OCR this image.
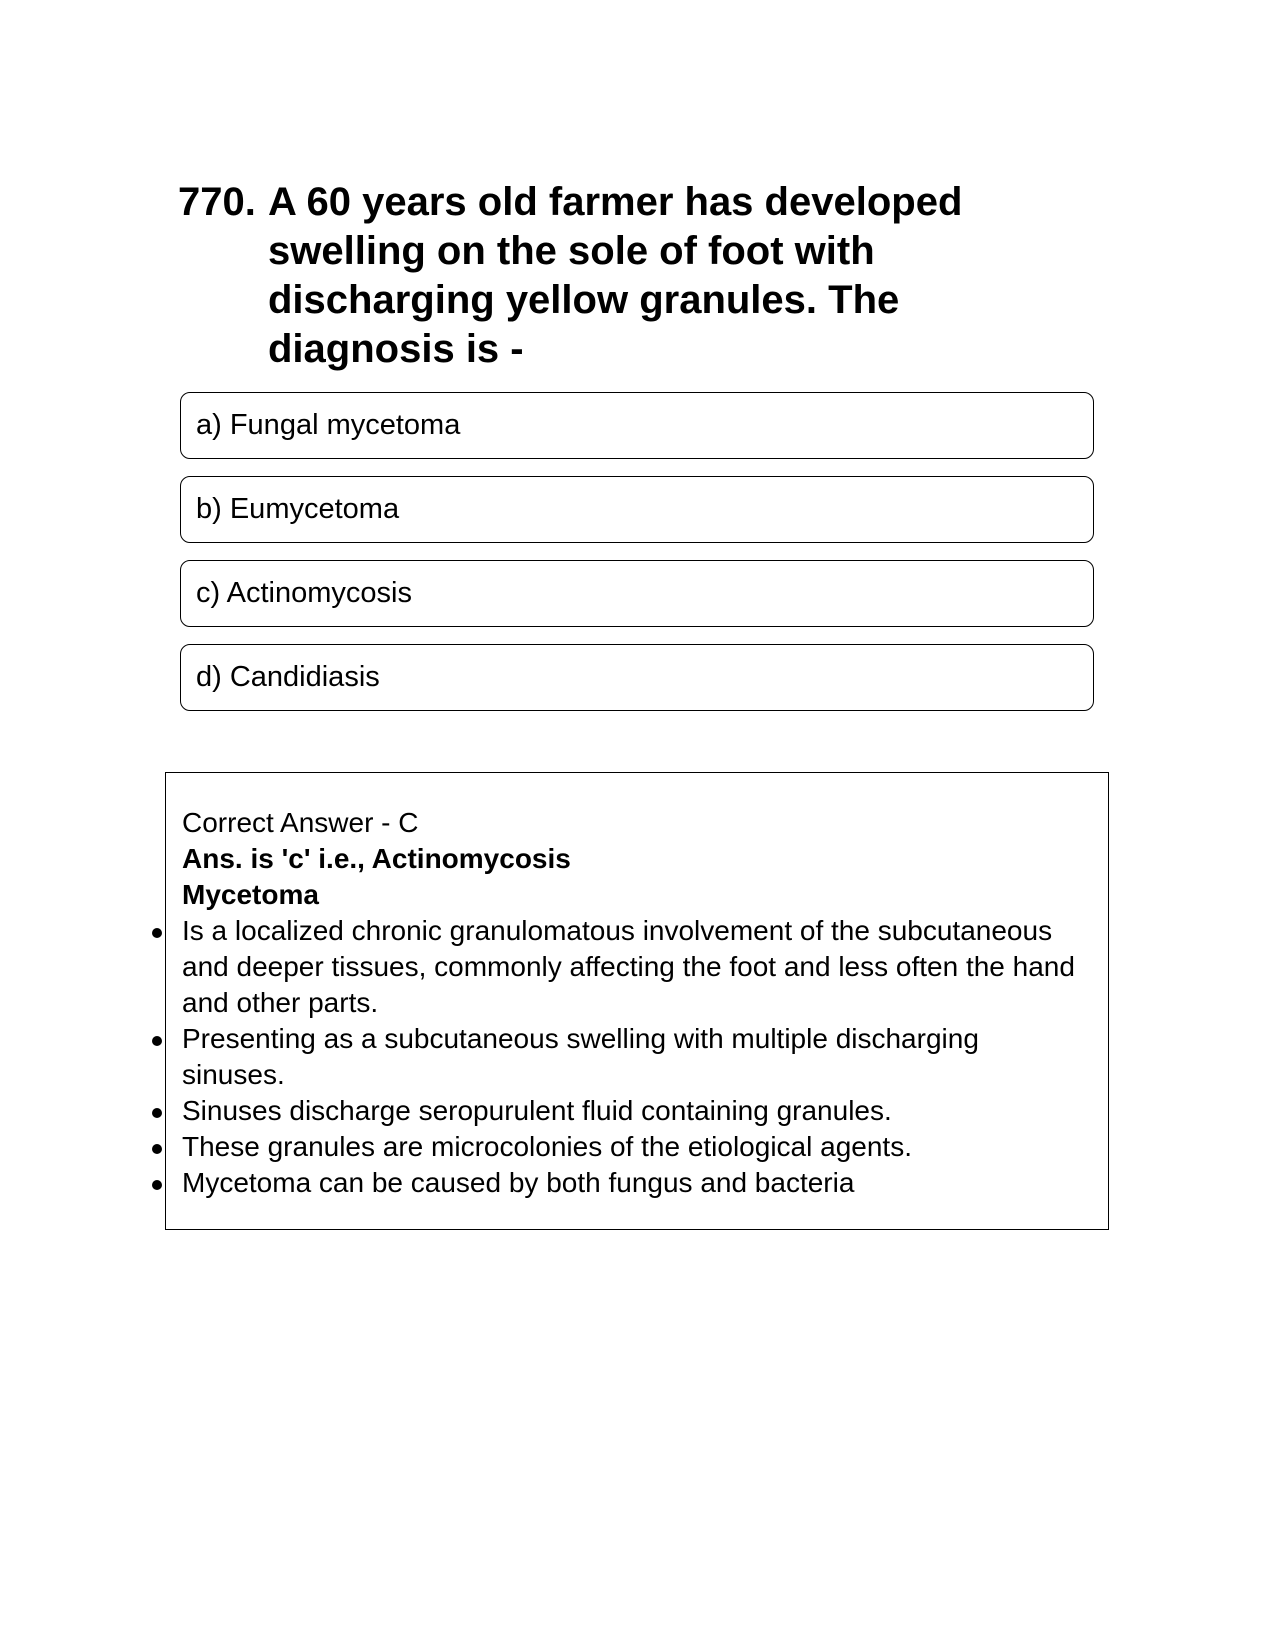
770. A 60 years old farmer has developed swelling on the sole of foot with discharging yellow granules. The diagnosis is -
a) Fungal mycetoma
b) Eumycetoma
c) Actinomycosis
d) Candidiasis
Correct Answer - C
Ans. is 'c' i.e., Actinomycosis
Mycetoma
Is a localized chronic granulomatous involvement of the subcutaneous and deeper tissues, commonly affecting the foot and less often the hand and other parts.
Presenting as a subcutaneous swelling with multiple discharging sinuses.
Sinuses discharge seropurulent fluid containing granules.
These granules are microcolonies of the etiological agents.
Mycetoma can be caused by both fungus and bacteria
